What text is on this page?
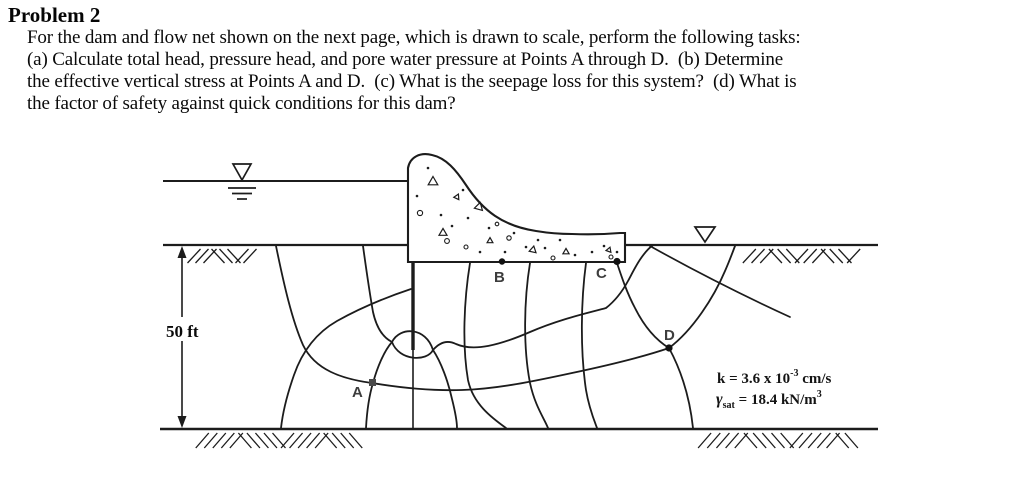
Problem 2
For the dam and flow net shown on the next page, which is drawn to scale, perform the following tasks:
(a) Calculate total head, pressure head, and pore water pressure at Points A through D.  (b) Determine
the effective vertical stress at Points A and D.  (c) What is the seepage loss for this system?  (d) What is
the factor of safety against quick conditions for this dam?
50 ft
A
B	C
D
k = 3.6 x $10^{-3}$ cm/s
$\gamma_{sat} = 18.4$ $kN/m^3$
